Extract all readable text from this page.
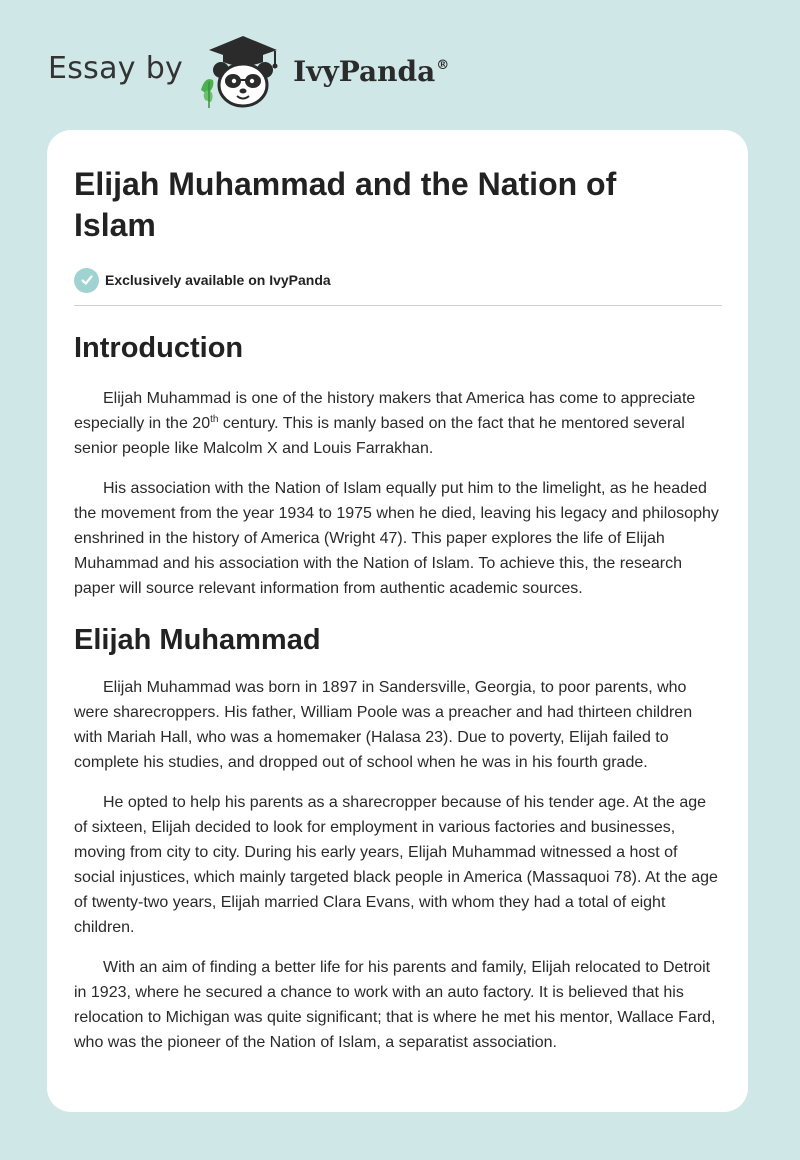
Essay by	IvyPanda®
Elijah Muhammad and the Nation of Islam
Exclusively available on IvyPanda
Introduction

Elijah Muhammad is one of the history makers that America has come to appreciate especially in the 20th century. This is manly based on the fact that he mentored several senior people like Malcolm X and Louis Farrakhan.

His association with the Nation of Islam equally put him to the limelight, as he headed the movement from the year 1934 to 1975 when he died, leaving his legacy and philosophy enshrined in the history of America (Wright 47). This paper explores the life of Elijah Muhammad and his association with the Nation of Islam. To achieve this, the research paper will source relevant information from authentic academic sources.

Elijah Muhammad

Elijah Muhammad was born in 1897 in Sandersville, Georgia, to poor parents, who were sharecroppers. His father, William Poole was a preacher and had thirteen children with Mariah Hall, who was a homemaker (Halasa 23). Due to poverty, Elijah failed to complete his studies, and dropped out of school when he was in his fourth grade.

He opted to help his parents as a sharecropper because of his tender age. At the age of sixteen, Elijah decided to look for employment in various factories and businesses, moving from city to city. During his early years, Elijah Muhammad witnessed a host of social injustices, which mainly targeted black people in America (Massaquoi 78). At the age of twenty-two years, Elijah married Clara Evans, with whom they had a total of eight children.

With an aim of finding a better life for his parents and family, Elijah relocated to Detroit in 1923, where he secured a chance to work with an auto factory. It is believed that his relocation to Michigan was quite significant; that is where he met his mentor, Wallace Fard, who was the pioneer of the Nation of Islam, a separatist association.
